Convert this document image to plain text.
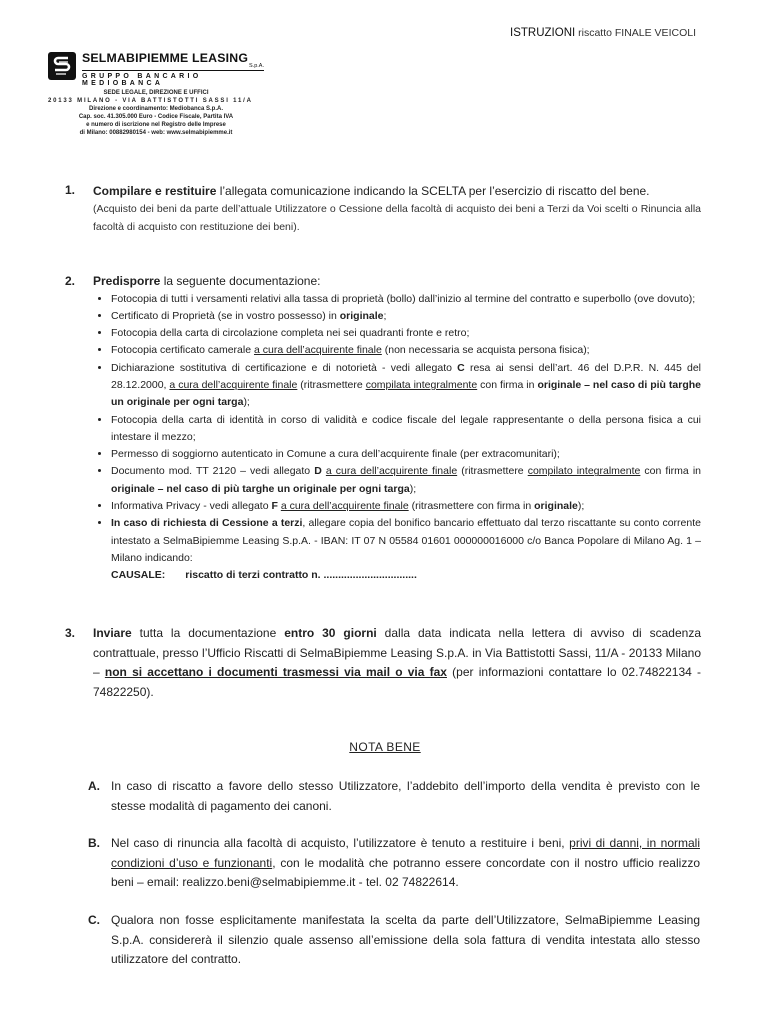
ISTRUZIONI riscatto FINALE VEICOLI
SELMABIPIEMME LEASING
S.p.A.
GRUPPO BANCARIO MEDIOBANCA
SEDE LEGALE, DIREZIONE E UFFICI
20133 MILANO - VIA BATTISTOTTI SASSI 11/A
Direzione e coordinamento: Mediobanca S.p.A.
Cap. soc. 41.305.000 Euro - Codice Fiscale, Partita IVA
e numero di iscrizione nel Registro delle Imprese
di Milano: 00882980154 - web: www.selmabipiemme.it
1. Compilare e restituire l’allegata comunicazione indicando la SCELTA per l’esercizio di riscatto del bene.
(Acquisto dei beni da parte dell’attuale Utilizzatore o Cessione della facoltà di acquisto dei beni a Terzi da Voi scelti o Rinuncia alla facoltà di acquisto con restituzione dei beni).
2. Predisporre la seguente documentazione:
• Fotocopia di tutti i versamenti relativi alla tassa di proprietà (bollo) dall’inizio al termine del contratto e superbollo (ove dovuto);
• Certificato di Proprietà (se in vostro possesso) in originale;
• Fotocopia della carta di circolazione completa nei sei quadranti fronte e retro;
• Fotocopia certificato camerale a cura dell’acquirente finale (non necessaria se acquista persona fisica);
• Dichiarazione sostitutiva di certificazione e di notorietà - vedi allegato C resa ai sensi dell’art. 46 del D.P.R. N. 445 del 28.12.2000, a cura dell’acquirente finale (ritrasmettere compilata integralmente con firma in originale – nel caso di più targhe un originale per ogni targa);
• Fotocopia della carta di identità in corso di validità e codice fiscale del legale rappresentante o della persona fisica a cui intestare il mezzo;
• Permesso di soggiorno autenticato in Comune a cura dell’acquirente finale (per extracomunitari);
• Documento mod. TT 2120 – vedi allegato D a cura dell’acquirente finale (ritrasmettere compilato integralmente con firma in originale – nel caso di più targhe un originale per ogni targa);
• Informativa Privacy - vedi allegato F a cura dell’acquirente finale (ritrasmettere con firma in originale);
• In caso di richiesta di Cessione a terzi, allegare copia del bonifico bancario effettuato dal terzo riscattante su conto corrente intestato a SelmaBipiemme Leasing S.p.A. - IBAN: IT 07 N 05584 01601 000000016000 c/o Banca Popolare di Milano Ag. 1 – Milano indicando:
CAUSALE: riscatto di terzi contratto n. ................................
3. Inviare tutta la documentazione entro 30 giorni dalla data indicata nella lettera di avviso di scadenza contrattuale, presso l’Ufficio Riscatti di SelmaBipiemme Leasing S.p.A. in Via Battistotti Sassi, 11/A - 20133 Milano – non si accettano i documenti trasmessi via mail o via fax (per informazioni contattare lo 02.74822134 - 74822250).
NOTA BENE
A. In caso di riscatto a favore dello stesso Utilizzatore, l’addebito dell’importo della vendita è previsto con le stesse modalità di pagamento dei canoni.
B. Nel caso di rinuncia alla facoltà di acquisto, l’utilizzatore è tenuto a restituire i beni, privi di danni, in normali condizioni d’uso e funzionanti, con le modalità che potranno essere concordate con il nostro ufficio realizzo beni – email: realizzo.beni@selmabipiemme.it - tel. 02 74822614.
C. Qualora non fosse esplicitamente manifestata la scelta da parte dell’Utilizzatore, SelmaBipiemme Leasing S.p.A. considererà il silenzio quale assenso all’emissione della sola fattura di vendita intestata allo stesso utilizzatore del contratto.
